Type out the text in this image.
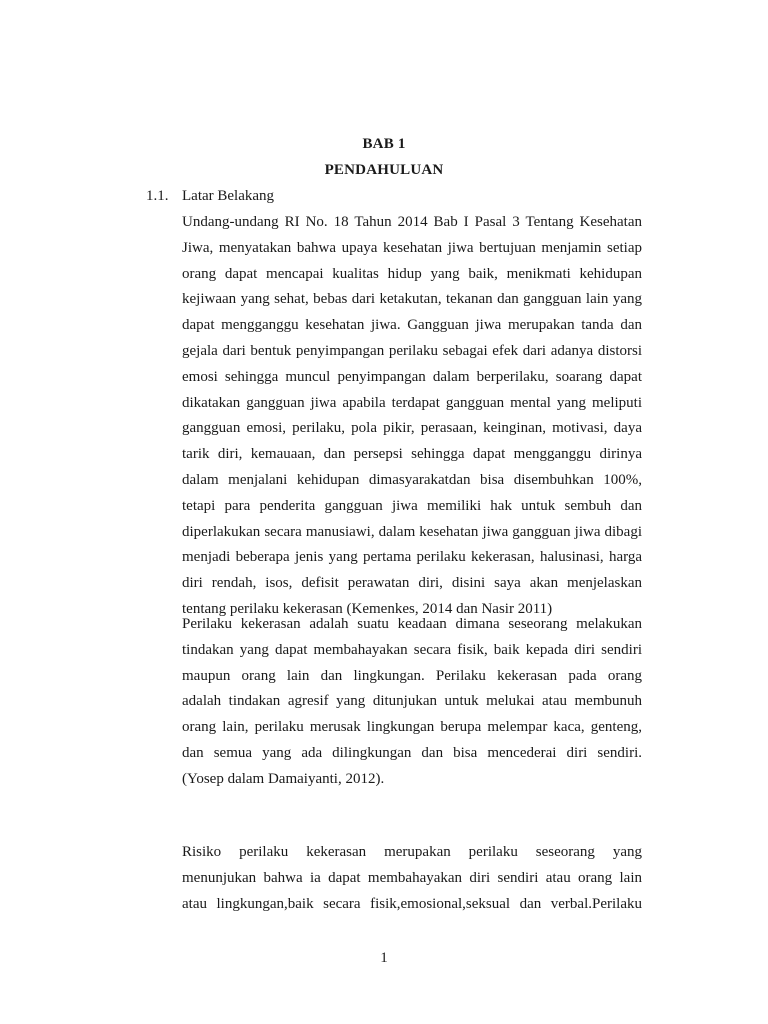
BAB 1
PENDAHULUAN
1.1. Latar Belakang
Undang-undang RI No. 18 Tahun 2014 Bab I Pasal 3 Tentang Kesehatan
Jiwa, menyatakan bahwa upaya kesehatan jiwa bertujuan menjamin setiap
orang dapat mencapai kualitas hidup yang baik, menikmati kehidupan
kejiwaan yang sehat, bebas dari ketakutan, tekanan dan gangguan lain yang
dapat mengganggu kesehatan jiwa. Gangguan jiwa merupakan tanda dan
gejala dari bentuk penyimpangan perilaku sebagai efek dari adanya distorsi
emosi sehingga muncul penyimpangan dalam berperilaku, soarang dapat
dikatakan gangguan jiwa apabila terdapat gangguan mental yang meliputi
gangguan emosi, perilaku, pola pikir, perasaan, keinginan, motivasi, daya
tarik diri, kemauaan, dan persepsi sehingga dapat mengganggu dirinya
dalam menjalani kehidupan dimasyarakatdan bisa disembuhkan 100%,
tetapi para penderita gangguan jiwa memiliki hak untuk sembuh dan
diperlakukan secara manusiawi, dalam kesehatan jiwa gangguan jiwa dibagi
menjadi beberapa jenis yang pertama perilaku kekerasan, halusinasi, harga
diri rendah, isos, defisit perawatan diri, disini saya akan menjelaskan
tentang perilaku kekerasan (Kemenkes, 2014 dan Nasir 2011)
Perilaku kekerasan adalah suatu keadaan dimana seseorang melakukan
tindakan yang dapat membahayakan secara fisik, baik kepada diri sendiri
maupun orang lain dan lingkungan. Perilaku kekerasan pada orang
adalah tindakan agresif yang ditunjukan untuk melukai atau membunuh
orang lain, perilaku merusak lingkungan berupa melempar kaca, genteng,
dan semua yang ada dilingkungan dan bisa mencederai diri sendiri.
(Yosep dalam Damaiyanti, 2012).
Risiko perilaku kekerasan merupakan perilaku seseorang yang
menunjukan bahwa ia dapat membahayakan diri sendiri atau orang lain
atau lingkungan,baik secara fisik,emosional,seksual dan verbal.Perilaku
1
